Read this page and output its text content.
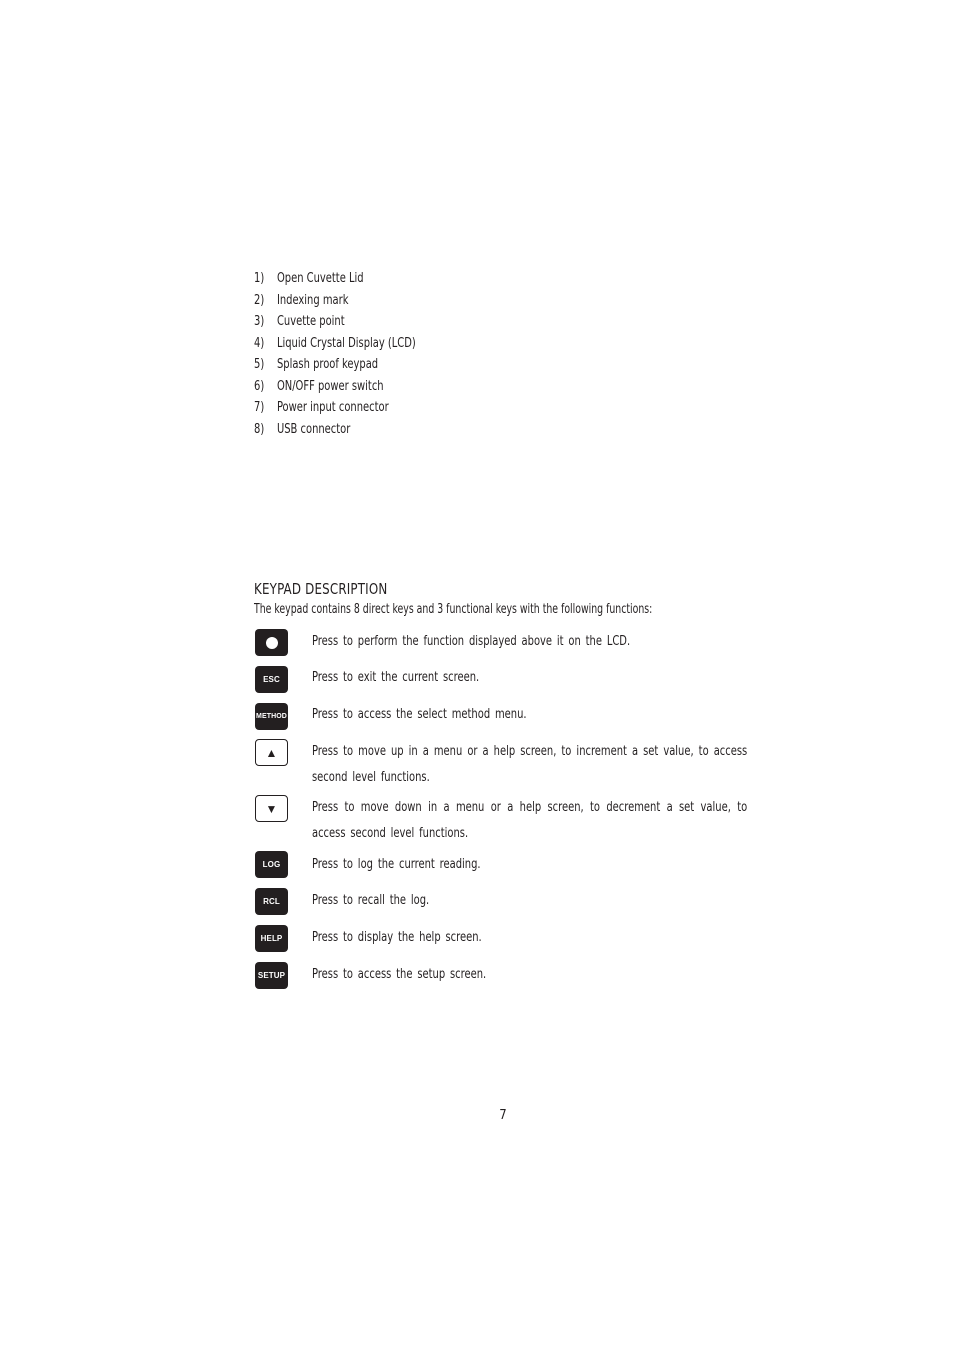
1) Open Cuvette Lid
2) Indexing mark
3) Cuvette point
4) Liquid Crystal Display (LCD)
5) Splash proof keypad
6) ON/OFF power switch
7) Power input connector
8) USB connector
KEYPAD DESCRIPTION
The keypad contains 8 direct keys and 3 functional keys with the following functions:
Press to perform the function displayed above it on the LCD.
ESC	Press to exit the current screen.
METHOD Press to access the select method menu.
▲	Press to move up in a menu or a help screen, to increment a set value, to access second level functions.
▼	Press to move down in a menu or a help screen, to decrement a set value, to access second level functions.
LOG	Press to log the current reading.
RCL	Press to recall the log.
HELP	Press to display the help screen.
SETUP Press to access the setup screen.
7
